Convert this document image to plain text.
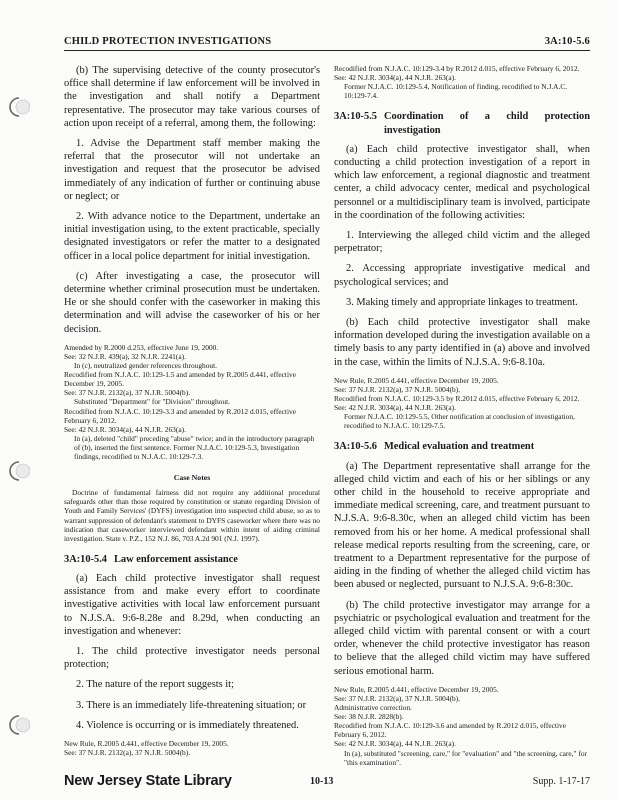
CHILD PROTECTION INVESTIGATIONS	3A:10-5.6

(b) The supervising detective of the county prosecutor's office shall determine if law enforcement will be involved in the investigation and shall notify a Department representative. The prosecutor may take various courses of action upon receipt of a referral, among them, the following:

1. Advise the Department staff member making the referral that the prosecutor will not undertake an investigation and request that the prosecutor be advised immediately of any indication of further or continuing abuse or neglect; or

2. With advance notice to the Department, undertake an initial investigation using, to the extent practicable, specially designated investigators or refer the matter to a designated officer in a local police department for initial investigation.

(c) After investigating a case, the prosecutor will determine whether criminal prosecution must be undertaken. He or she should confer with the caseworker in making this determination and will advise the caseworker of his or her decision.

Amended by R.2000 d.253, effective June 19, 2000.
See: 32 N.J.R. 439(a), 32 N.J.R. 2241(a).
In (c), neutralized gender references throughout.
Recodified from N.J.A.C. 10:129-1.5 and amended by R.2005 d.441, effective December 19, 2005.
See: 37 N.J.R. 2132(a), 37 N.J.R. 5004(b).
Substituted "Department" for "Division" throughout.
Recodified from N.J.A.C. 10:129-3.3 and amended by R.2012 d.015, effective February 6, 2012.
See: 42 N.J.R. 3034(a), 44 N.J.R. 263(a).
In (a), deleted "child" preceding "abuse" twice; and in the introductory paragraph of (b), inserted the first sentence. Former N.J.A.C. 10:129-5.3, Investigation findings, recodified to N.J.A.C. 10:129-7.3.
Case Notes
Doctrine of fundamental fairness did not require any additional procedural safeguards other than those required by constitution or statute regarding Division of Youth and Family Services' (DYFS) investigation into suspected child abuse, so as to warrant suppression of defendant's statement to DYFS caseworker where there was no indication that caseworker interviewed defendant within intent of aiding criminal investigation. State v. P.Z., 152 N.J. 86, 703 A.2d 901 (N.J. 1997).
3A:10-5.4 Law enforcement assistance

(a) Each child protective investigator shall request assistance from and make every effort to coordinate investigative activities with local law enforcement pursuant to N.J.S.A. 9:6-8.28e and 8.29d, when conducting an investigation and whenever:

1. The child protective investigator needs personal protection;

2. The nature of the report suggests it;

3. There is an immediately life-threatening situation; or

4. Violence is occurring or is immediately threatened.

New Rule, R.2005 d.441, effective December 19, 2005.
See: 37 N.J.R. 2132(a), 37 N.J.R. 5004(b).
Recodified from N.J.A.C. 10:129-3.4 by R.2012 d.015, effective February 6, 2012.
See: 42 N.J.R. 3034(a), 44 N.J.R. 263(a).
Former N.J.A.C. 10:129-5.4, Notification of finding, recodified to N.J.A.C. 10:129-7.4.
3A:10-5.5 Coordination of a child protection investigation

(a) Each child protective investigator shall, when conducting a child protection investigation of a report in which law enforcement, a regional diagnostic and treatment center, a child advocacy center, medical and psychological personnel or a multidisciplinary team is involved, participate in the coordination of the following activities:

1. Interviewing the alleged child victim and the alleged perpetrator;

2. Accessing appropriate investigative medical and psychological services; and

3. Making timely and appropriate linkages to treatment.

(b) Each child protective investigator shall make information developed during the investigation available on a timely basis to any party identified in (a) above and involved in the case, within the limits of N.J.S.A. 9:6-8.10a.

New Rule, R.2005 d.441, effective December 19, 2005.
See: 37 N.J.R. 2132(a), 37 N.J.R. 5004(b).
Recodified from N.J.A.C. 10:129-3.5 by R.2012 d.015, effective February 6, 2012.
See: 42 N.J.R. 3034(a), 44 N.J.R. 263(a).
Former N.J.A.C. 10:129-5.5, Other notification at conclusion of investigation, recodified to N.J.A.C. 10:129-7.5.
3A:10-5.6 Medical evaluation and treatment

(a) The Department representative shall arrange for the alleged child victim and each of his or her siblings or any other child in the household to receive appropriate and immediate medical screening, care, and treatment pursuant to N.J.S.A. 9:6-8.30c, when an alleged child victim has been removed from his or her home. A medical professional shall release medical reports resulting from the screening, care, or treatment to a Department representative for the purpose of aiding in the finding of whether the alleged child victim has been abused or neglected, pursuant to N.J.S.A. 9:6-8:30c.

(b) The child protective investigator may arrange for a psychiatric or psychological evaluation and treatment for the alleged child victim with parental consent or with a court order, whenever the child protective investigator has reason to believe that the alleged child victim may have suffered serious emotional harm.

New Rule, R.2005 d.441, effective December 19, 2005.
See: 37 N.J.R. 2132(a), 37 N.J.R. 5004(b).
Administrative correction.
See: 38 N.J.R. 2828(b).
Recodified from N.J.A.C. 10:129-3.6 and amended by R.2012 d.015, effective February 6, 2012.
See: 42 N.J.R. 3034(a), 44 N.J.R. 263(a).
In (a), substituted "screening, care," for "evaluation" and "the screening, care," for "this examination".
New Jersey State Library	10-13	Supp. 1-17-17
